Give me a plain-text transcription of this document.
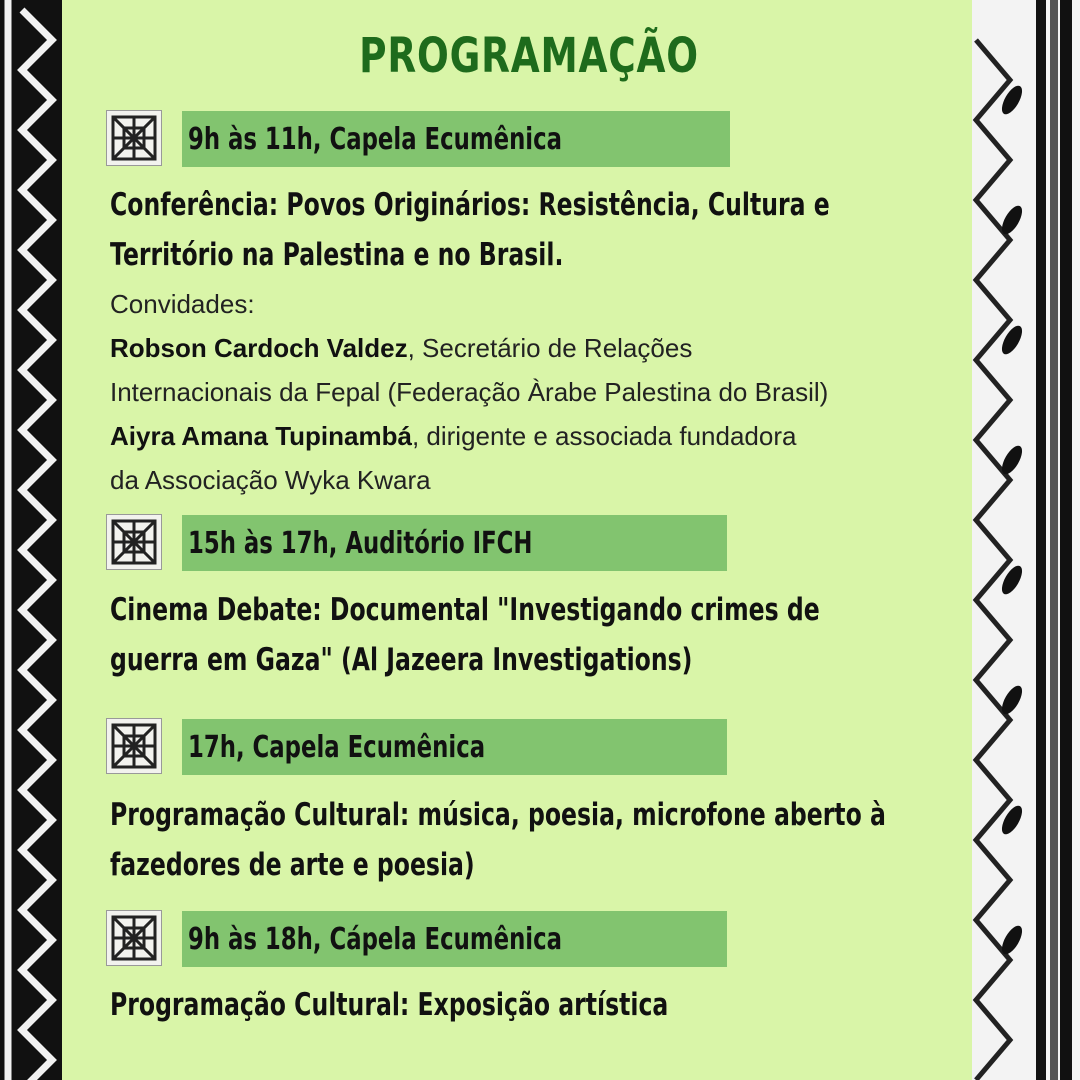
PROGRAMAÇÃO
9h às 11h, Capela Ecumênica
Conferência: Povos Originários: Resistência, Cultura e
Território na Palestina e no Brasil.

Convidades:

Robson Cardoch Valdez, Secretário de Relações

Internacionais da Fepal (Federação Àrabe Palestina do Brasil)

Aiyra Amana Tupinambá, dirigente e associada fundadora

da Associação Wyka Kwara

15h às 17h, Auditório IFCH
Cinema Debate: Documental "Investigando crimes de
guerra em Gaza" (Al Jazeera Investigations)
17h, Capela Ecumênica
Programação Cultural: música, poesia, microfone aberto à
fazedores de arte e poesia)
9h às 18h, Cápela Ecumênica
Programação Cultural: Exposição artística
